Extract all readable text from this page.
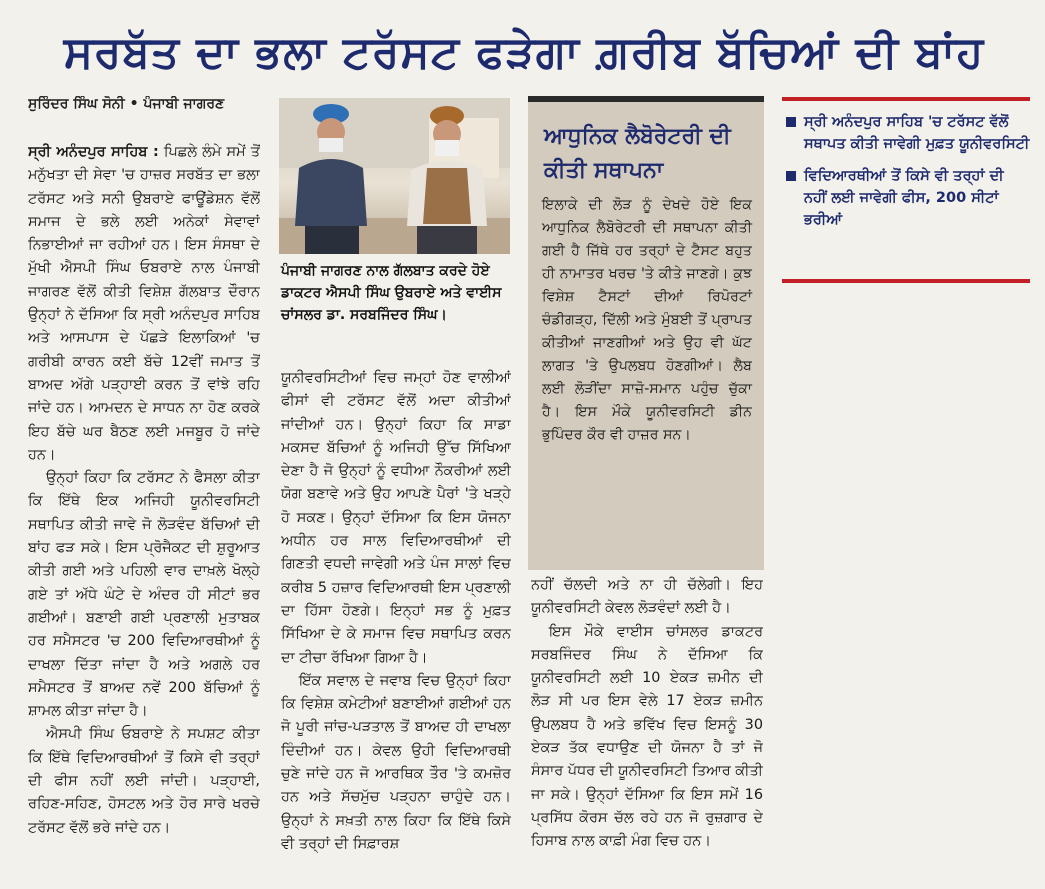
ਸਰਬੱਤ ਦਾ ਭਲਾ ਟਰੱਸਟ ਫੜੇਗਾ ਗ਼ਰੀਬ ਬੱਚਿਆਂ ਦੀ ਬਾਂਹ
ਸੁਰਿੰਦਰ ਸਿੰਘ ਸੋਨੀ • ਪੰਜਾਬੀ ਜਾਗਰਣ

ਸ੍ਰੀ ਅਨੰਦਪੁਰ ਸਾਹਿਬ : ਪਿਛਲੇ ਲੰਮੇ ਸਮੇਂ ਤੋਂ ਮਨੁੱਖਤਾ ਦੀ ਸੇਵਾ 'ਚ ਹਾਜ਼ਰ ਸਰਬੱਤ ਦਾ ਭਲਾ ਟਰੱਸਟ ਅਤੇ ਸਨੀ ਉਬਰਾਏ ਫਾਊਂਡੇਸ਼ਨ ਵੱਲੋਂ ਸਮਾਜ ਦੇ ਭਲੇ ਲਈ ਅਨੇਕਾਂ ਸੇਵਾਵਾਂ ਨਿਭਾਈਆਂ ਜਾ ਰਹੀਆਂ ਹਨ। ਇਸ ਸੰਸਥਾ ਦੇ ਮੁੱਖੀ ਐਸਪੀ ਸਿੰਘ ਓਬਰਾਏ ਨਾਲ ਪੰਜਾਬੀ ਜਾਗਰਣ ਵੱਲੋਂ ਕੀਤੀ ਵਿਸ਼ੇਸ਼ ਗੱਲਬਾਤ ਦੌਰਾਨ ਉਨ੍ਹਾਂ ਨੇ ਦੱਸਿਆ ਕਿ ਸ੍ਰੀ ਅਨੰਦਪੁਰ ਸਾਹਿਬ ਅਤੇ ਆਸਪਾਸ ਦੇ ਪੱਛੜੇ ਇਲਾਕਿਆਂ 'ਚ ਗਰੀਬੀ ਕਾਰਨ ਕਈ ਬੱਚੇ 12ਵੀਂ ਜਮਾਤ ਤੋਂ ਬਾਅਦ ਅੱਗੇ ਪੜ੍ਹਾਈ ਕਰਨ ਤੋਂ ਵਾਂਝੇ ਰਹਿ ਜਾਂਦੇ ਹਨ। ਆਮਦਨ ਦੇ ਸਾਧਨ ਨਾ ਹੋਣ ਕਰਕੇ ਇਹ ਬੱਚੇ ਘਰ ਬੈਠਣ ਲਈ ਮਜਬੂਰ ਹੋ ਜਾਂਦੇ ਹਨ।

ਉਨ੍ਹਾਂ ਕਿਹਾ ਕਿ ਟਰੱਸਟ ਨੇ ਫੈਸਲਾ ਕੀਤਾ ਕਿ ਇੱਥੇ ਇਕ ਅਜਿਹੀ ਯੂਨੀਵਰਸਿਟੀ ਸਥਾਪਿਤ ਕੀਤੀ ਜਾਵੇ ਜੋ ਲੋੜਵੰਦ ਬੱਚਿਆਂ ਦੀ ਬਾਂਹ ਫੜ ਸਕੇ। ਇਸ ਪ੍ਰੋਜੈਕਟ ਦੀ ਸ਼ੁਰੂਆਤ ਕੀਤੀ ਗਈ ਅਤੇ ਪਹਿਲੀ ਵਾਰ ਦਾਖ਼ਲੇ ਖੋਲ੍ਹੇ ਗਏ ਤਾਂ ਅੱਧੇ ਘੰਟੇ ਦੇ ਅੰਦਰ ਹੀ ਸੀਟਾਂ ਭਰ ਗਈਆਂ। ਬਣਾਈ ਗਈ ਪ੍ਰਣਾਲੀ ਮੁਤਾਬਕ ਹਰ ਸਮੈਸਟਰ 'ਚ 200 ਵਿਦਿਆਰਥੀਆਂ ਨੂੰ ਦਾਖਲਾ ਦਿੱਤਾ ਜਾਂਦਾ ਹੈ ਅਤੇ ਅਗਲੇ ਹਰ ਸਮੈਸਟਰ ਤੋਂ ਬਾਅਦ ਨਵੇਂ 200 ਬੱਚਿਆਂ ਨੂੰ ਸ਼ਾਮਲ ਕੀਤਾ ਜਾਂਦਾ ਹੈ।

ਐਸਪੀ ਸਿੰਘ ਓਬਰਾਏ ਨੇ ਸਪਸ਼ਟ ਕੀਤਾ ਕਿ ਇੱਥੇ ਵਿਦਿਆਰਥੀਆਂ ਤੋਂ ਕਿਸੇ ਵੀ ਤਰ੍ਹਾਂ ਦੀ ਫੀਸ ਨਹੀਂ ਲਈ ਜਾਂਦੀ। ਪੜ੍ਹਾਈ, ਰਹਿਣ-ਸਹਿਣ, ਹੋਸਟਲ ਅਤੇ ਹੋਰ ਸਾਰੇ ਖਰਚੇ ਟਰੱਸਟ ਵੱਲੋਂ ਭਰੇ ਜਾਂਦੇ ਹਨ।

ਪੰਜਾਬੀ ਜਾਗਰਣ ਨਾਲ ਗੱਲਬਾਤ ਕਰਦੇ ਹੋਏ ਡਾਕਟਰ ਐਸਪੀ ਸਿੰਘ ਉਬਰਾਏ ਅਤੇ ਵਾਈਸ ਚਾਂਸਲਰ ਡਾ. ਸਰਬਜਿੰਦਰ ਸਿੰਘ।

ਯੂਨੀਵਰਸਿਟੀਆਂ ਵਿਚ ਜਮ੍ਹਾਂ ਹੋਣ ਵਾਲੀਆਂ ਫੀਸਾਂ ਵੀ ਟਰੱਸਟ ਵੱਲੋਂ ਅਦਾ ਕੀਤੀਆਂ ਜਾਂਦੀਆਂ ਹਨ। ਉਨ੍ਹਾਂ ਕਿਹਾ ਕਿ ਸਾਡਾ ਮਕਸਦ ਬੱਚਿਆਂ ਨੂੰ ਅਜਿਹੀ ਉੱਚ ਸਿੱਖਿਆ ਦੇਣਾ ਹੈ ਜੋ ਉਨ੍ਹਾਂ ਨੂੰ ਵਧੀਆ ਨੌਕਰੀਆਂ ਲਈ ਯੋਗ ਬਣਾਵੇ ਅਤੇ ਉਹ ਆਪਣੇ ਪੈਰਾਂ 'ਤੇ ਖੜ੍ਹੇ ਹੋ ਸਕਣ। ਉਨ੍ਹਾਂ ਦੱਸਿਆ ਕਿ ਇਸ ਯੋਜਨਾ ਅਧੀਨ ਹਰ ਸਾਲ ਵਿਦਿਆਰਥੀਆਂ ਦੀ ਗਿਣਤੀ ਵਧਦੀ ਜਾਵੇਗੀ ਅਤੇ ਪੰਜ ਸਾਲਾਂ ਵਿਚ ਕਰੀਬ 5 ਹਜ਼ਾਰ ਵਿਦਿਆਰਥੀ ਇਸ ਪ੍ਰਣਾਲੀ ਦਾ ਹਿੱਸਾ ਹੋਣਗੇ। ਇਨ੍ਹਾਂ ਸਭ ਨੂੰ ਮੁਫ਼ਤ ਸਿੱਖਿਆ ਦੇ ਕੇ ਸਮਾਜ ਵਿਚ ਸਥਾਪਿਤ ਕਰਨ ਦਾ ਟੀਚਾ ਰੱਖਿਆ ਗਿਆ ਹੈ।

ਇੱਕ ਸਵਾਲ ਦੇ ਜਵਾਬ ਵਿਚ ਉਨ੍ਹਾਂ ਕਿਹਾ ਕਿ ਵਿਸ਼ੇਸ਼ ਕਮੇਟੀਆਂ ਬਣਾਈਆਂ ਗਈਆਂ ਹਨ ਜੋ ਪੂਰੀ ਜਾਂਚ-ਪੜਤਾਲ ਤੋਂ ਬਾਅਦ ਹੀ ਦਾਖਲਾ ਦਿੰਦੀਆਂ ਹਨ। ਕੇਵਲ ਉਹੀ ਵਿਦਿਆਰਥੀ ਚੁਣੇ ਜਾਂਦੇ ਹਨ ਜੋ ਆਰਥਿਕ ਤੌਰ 'ਤੇ ਕਮਜ਼ੋਰ ਹਨ ਅਤੇ ਸੱਚਮੁੱਚ ਪੜ੍ਹਨਾ ਚਾਹੁੰਦੇ ਹਨ। ਉਨ੍ਹਾਂ ਨੇ ਸਖ਼ਤੀ ਨਾਲ ਕਿਹਾ ਕਿ ਇੱਥੇ ਕਿਸੇ ਵੀ ਤਰ੍ਹਾਂ ਦੀ ਸਿਫ਼ਾਰਸ਼

ਆਧੁਨਿਕ ਲੈਬੋਰੇਟਰੀ ਦੀ ਕੀਤੀ ਸਥਾਪਨਾ
ਇਲਾਕੇ ਦੀ ਲੋੜ ਨੂੰ ਦੇਖਦੇ ਹੋਏ ਇਕ ਆਧੁਨਿਕ ਲੈਬੋਰੇਟਰੀ ਦੀ ਸਥਾਪਨਾ ਕੀਤੀ ਗਈ ਹੈ ਜਿੱਥੇ ਹਰ ਤਰ੍ਹਾਂ ਦੇ ਟੈਸਟ ਬਹੁਤ ਹੀ ਨਾਮਾਤਰ ਖਰਚ 'ਤੇ ਕੀਤੇ ਜਾਣਗੇ। ਕੁਝ ਵਿਸ਼ੇਸ਼ ਟੈਸਟਾਂ ਦੀਆਂ ਰਿਪੋਰਟਾਂ ਚੰਡੀਗੜ੍ਹ, ਦਿੱਲੀ ਅਤੇ ਮੁੰਬਈ ਤੋਂ ਪ੍ਰਾਪਤ ਕੀਤੀਆਂ ਜਾਣਗੀਆਂ ਅਤੇ ਉਹ ਵੀ ਘੱਟ ਲਾਗਤ 'ਤੇ ਉਪਲਬਧ ਹੋਣਗੀਆਂ। ਲੈਬ ਲਈ ਲੋੜੀਂਦਾ ਸਾਜ਼ੋ-ਸਮਾਨ ਪਹੁੰਚ ਚੁੱਕਾ ਹੈ। ਇਸ ਮੌਕੇ ਯੂਨੀਵਰਸਿਟੀ ਡੀਨ ਭੁਪਿੰਦਰ ਕੌਰ ਵੀ ਹਾਜ਼ਰ ਸਨ।

ਨਹੀਂ ਚੱਲਦੀ ਅਤੇ ਨਾ ਹੀ ਚੱਲੇਗੀ। ਇਹ ਯੂਨੀਵਰਸਿਟੀ ਕੇਵਲ ਲੋੜਵੰਦਾਂ ਲਈ ਹੈ।

ਇਸ ਮੌਕੇ ਵਾਈਸ ਚਾਂਸਲਰ ਡਾਕਟਰ ਸਰਬਜਿੰਦਰ ਸਿੰਘ ਨੇ ਦੱਸਿਆ ਕਿ ਯੂਨੀਵਰਸਿਟੀ ਲਈ 10 ਏਕੜ ਜ਼ਮੀਨ ਦੀ ਲੋੜ ਸੀ ਪਰ ਇਸ ਵੇਲੇ 17 ਏਕੜ ਜ਼ਮੀਨ ਉਪਲਬਧ ਹੈ ਅਤੇ ਭਵਿੱਖ ਵਿਚ ਇਸਨੂੰ 30 ਏਕੜ ਤੱਕ ਵਧਾਉਣ ਦੀ ਯੋਜਨਾ ਹੈ ਤਾਂ ਜੋ ਸੰਸਾਰ ਪੱਧਰ ਦੀ ਯੂਨੀਵਰਸਿਟੀ ਤਿਆਰ ਕੀਤੀ ਜਾ ਸਕੇ। ਉਨ੍ਹਾਂ ਦੱਸਿਆ ਕਿ ਇਸ ਸਮੇਂ 16 ਪ੍ਰਸਿੱਧ ਕੋਰਸ ਚੱਲ ਰਹੇ ਹਨ ਜੋ ਰੁਜ਼ਗਾਰ ਦੇ ਹਿਸਾਬ ਨਾਲ ਕਾਫ਼ੀ ਮੰਗ ਵਿਚ ਹਨ।

ਸ੍ਰੀ ਅਨੰਦਪੁਰ ਸਾਹਿਬ 'ਚ ਟਰੱਸਟ ਵੱਲੋਂ ਸਥਾਪਤ ਕੀਤੀ ਜਾਵੇਗੀ ਮੁਫ਼ਤ ਯੂਨੀਵਰਸਿਟੀ
ਵਿਦਿਆਰਥੀਆਂ ਤੋਂ ਕਿਸੇ ਵੀ ਤਰ੍ਹਾਂ ਦੀ ਨਹੀਂ ਲਈ ਜਾਵੇਗੀ ਫੀਸ, 200 ਸੀਟਾਂ ਭਰੀਆਂ
